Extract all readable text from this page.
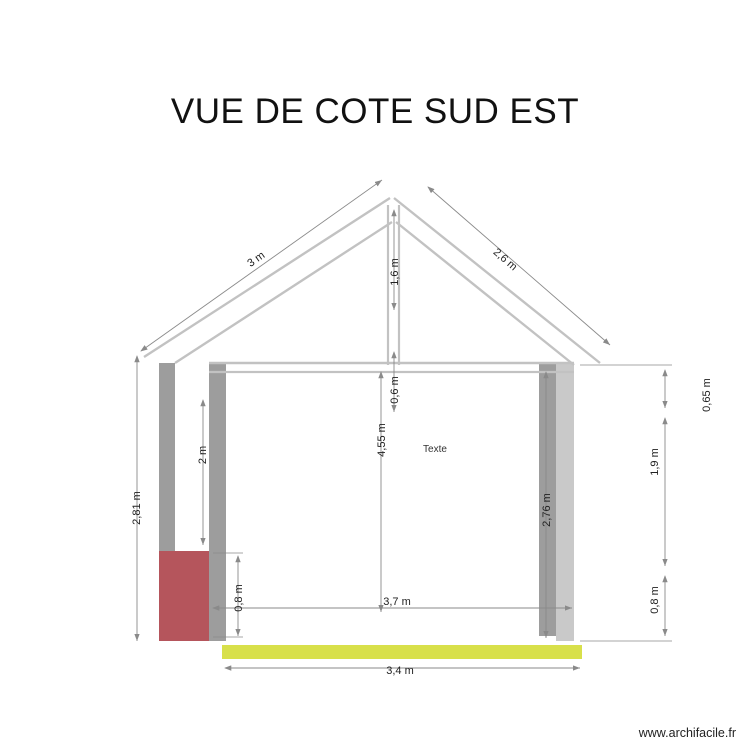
VUE DE COTE SUD EST
3 m	2,6 m
1,6 m
0,6 m
4,55 m
2 m
2,81 m	2,76 m
0,8 m	3,7 m
3,4 m
0,65 m
1,9 m
0,8 m
Texte
www.archifacile.fr
